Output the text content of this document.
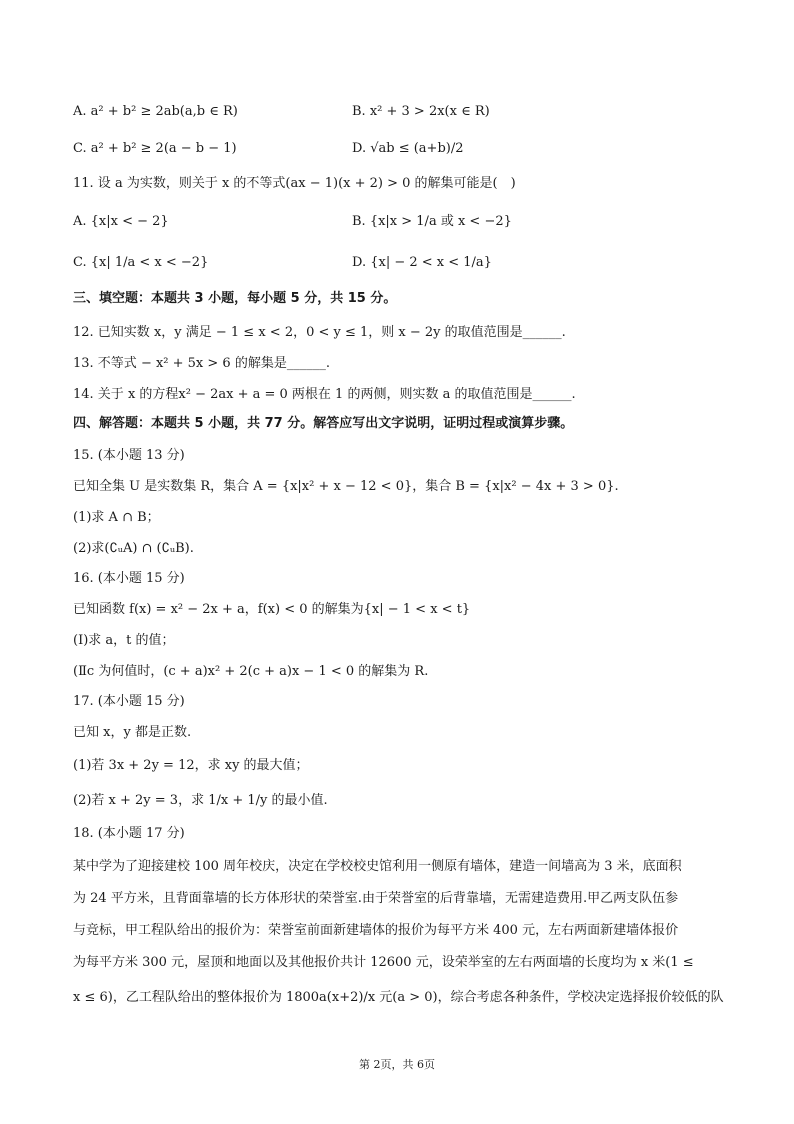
A. a² + b² ≥ 2ab(a,b ∈ R)	B. x² + 3 > 2x(x ∈ R)
C. a² + b² ≥ 2(a − b − 1)	D. √ab ≤ (a+b)/2
11. 设 a 为实数，则关于 x 的不等式(ax − 1)(x + 2) > 0 的解集可能是(　)
A. {x|x < − 2}	B. {x|x > 1/a 或 x < −2}
C. {x| 1/a < x < −2}	D. {x| − 2 < x < 1/a}
三、填空题：本题共 3 小题，每小题 5 分，共 15 分。
12. 已知实数 x，y 满足 − 1 ≤ x < 2，0 < y ≤ 1，则 x − 2y 的取值范围是______.
13. 不等式 − x² + 5x > 6 的解集是______.
14. 关于 x 的方程x² − 2ax + a = 0 两根在 1 的两侧，则实数 a 的取值范围是______.
四、解答题：本题共 5 小题，共 77 分。解答应写出文字说明，证明过程或演算步骤。
15. (本小题 13 分)
已知全集 U 是实数集 R，集合 A = {x|x² + x − 12 < 0}，集合 B = {x|x² − 4x + 3 > 0}.
(1)求 A ∩ B；
(2)求(∁ᵤA) ∩ (∁ᵤB).
16. (本小题 15 分)
已知函数 f(x) = x² − 2x + a，f(x) < 0 的解集为{x| − 1 < x < t}
(Ⅰ)求 a，t 的值；
(Ⅱc 为何值时，(c + a)x² + 2(c + a)x − 1 < 0 的解集为 R.
17. (本小题 15 分)
已知 x，y 都是正数.
(1)若 3x + 2y = 12，求 xy 的最大值；
(2)若 x + 2y = 3，求 1/x + 1/y 的最小值.
18. (本小题 17 分)
某中学为了迎接建校 100 周年校庆，决定在学校校史馆利用一侧原有墙体，建造一间墙高为 3 米，底面积
为 24 平方米，且背面靠墙的长方体形状的荣誉室.由于荣誉室的后背靠墙，无需建造费用.甲乙两支队伍参
与竞标，甲工程队给出的报价为：荣誉室前面新建墙体的报价为每平方米 400 元，左右两面新建墙体报价
为每平方米 300 元，屋顶和地面以及其他报价共计 12600 元，设荣举室的左右两面墙的长度均为 x 米(1 ≤
x ≤ 6)，乙工程队给出的整体报价为 1800a(x+2)/x 元(a > 0)，综合考虑各种条件，学校决定选择报价较低的队
第 2页，共 6页
